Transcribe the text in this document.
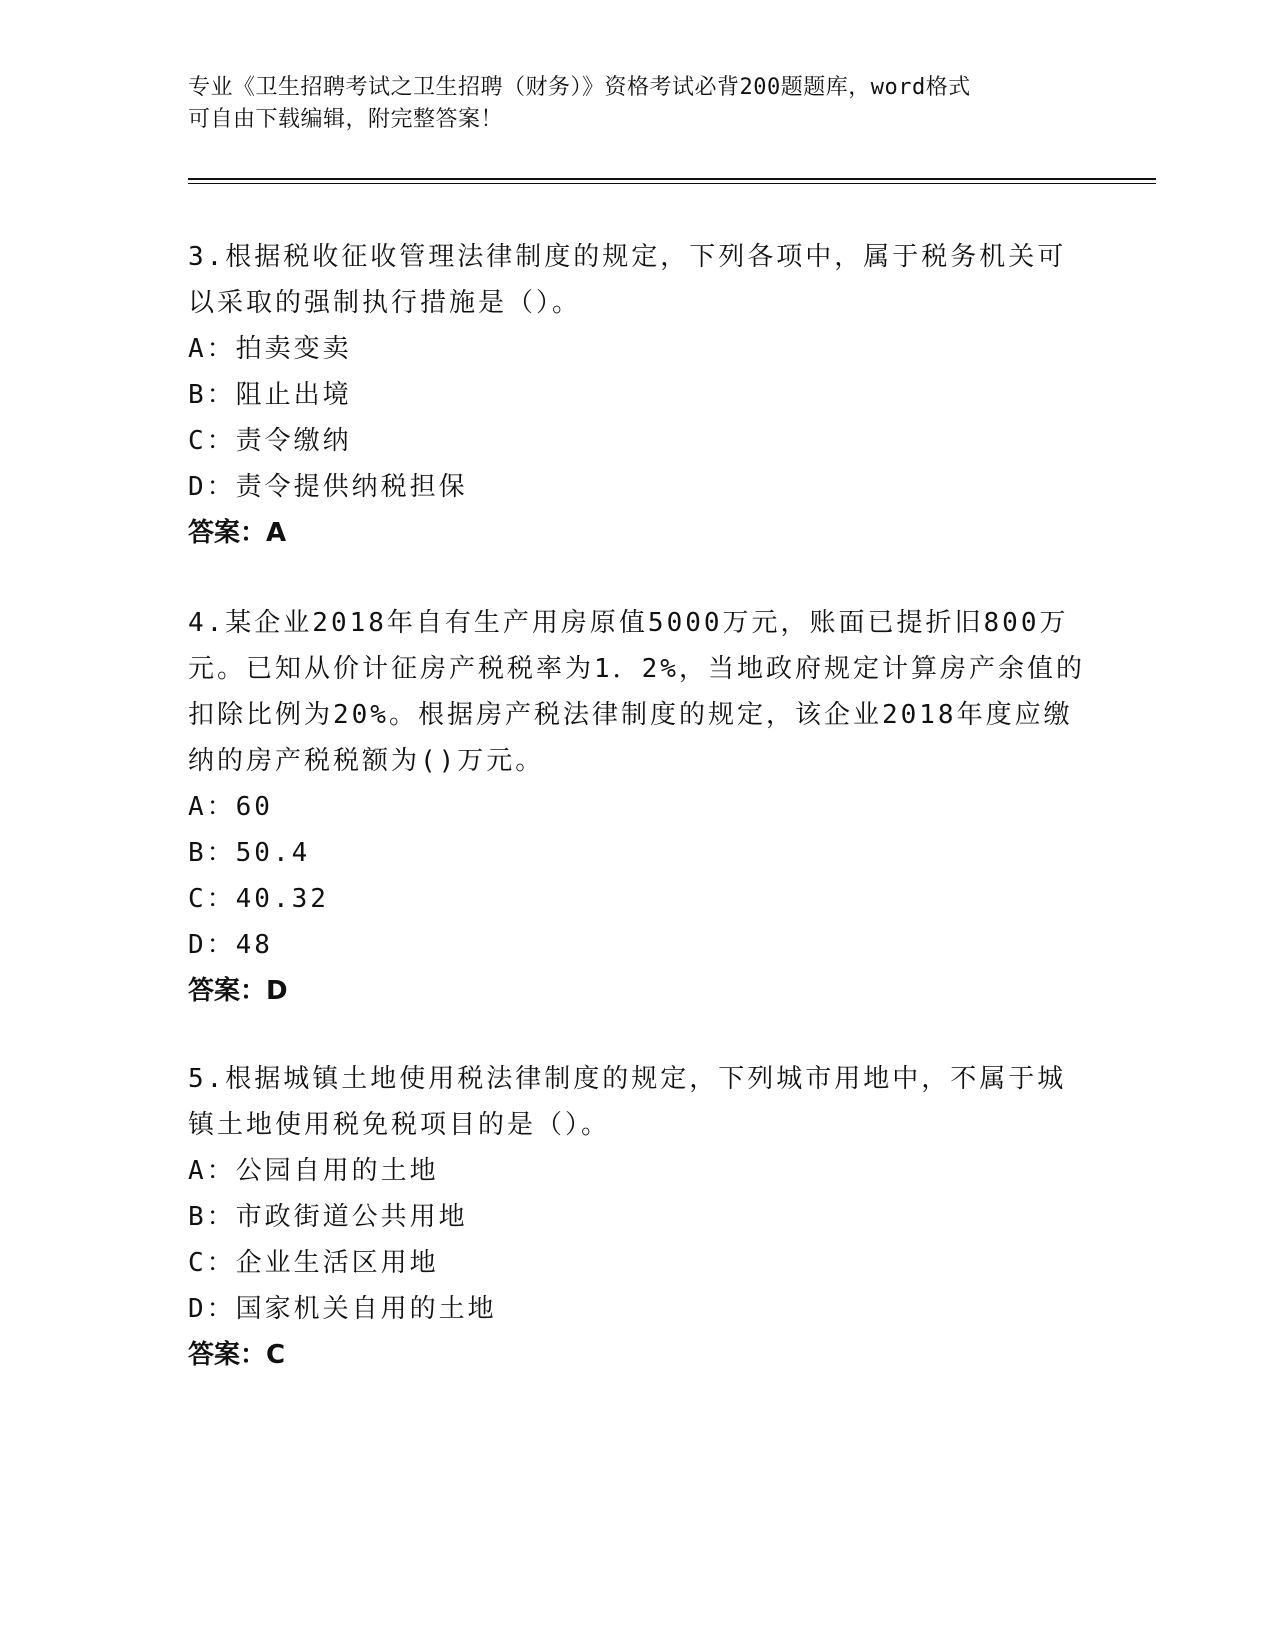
专业《卫生招聘考试之卫生招聘（财务）》资格考试必背200题题库，word格式
可自由下载编辑，附完整答案！

3.根据税收征收管理法律制度的规定，下列各项中，属于税务机关可以采取的强制执行措施是（）。

A：拍卖变卖

B：阻止出境

C：责令缴纳

D：责令提供纳税担保

答案：A

4.某企业2018年自有生产用房原值5000万元，账面已提折旧800万元。已知从价计征房产税税率为1．2%，当地政府规定计算房产余值的扣除比例为20%。根据房产税法律制度的规定，该企业2018年度应缴纳的房产税税额为()万元。

A：60

B：50.4

C：40.32

D：48

答案：D

5.根据城镇土地使用税法律制度的规定，下列城市用地中，不属于城镇土地使用税免税项目的是（）。

A：公园自用的土地

B：市政街道公共用地

C：企业生活区用地

D：国家机关自用的土地

答案：C
